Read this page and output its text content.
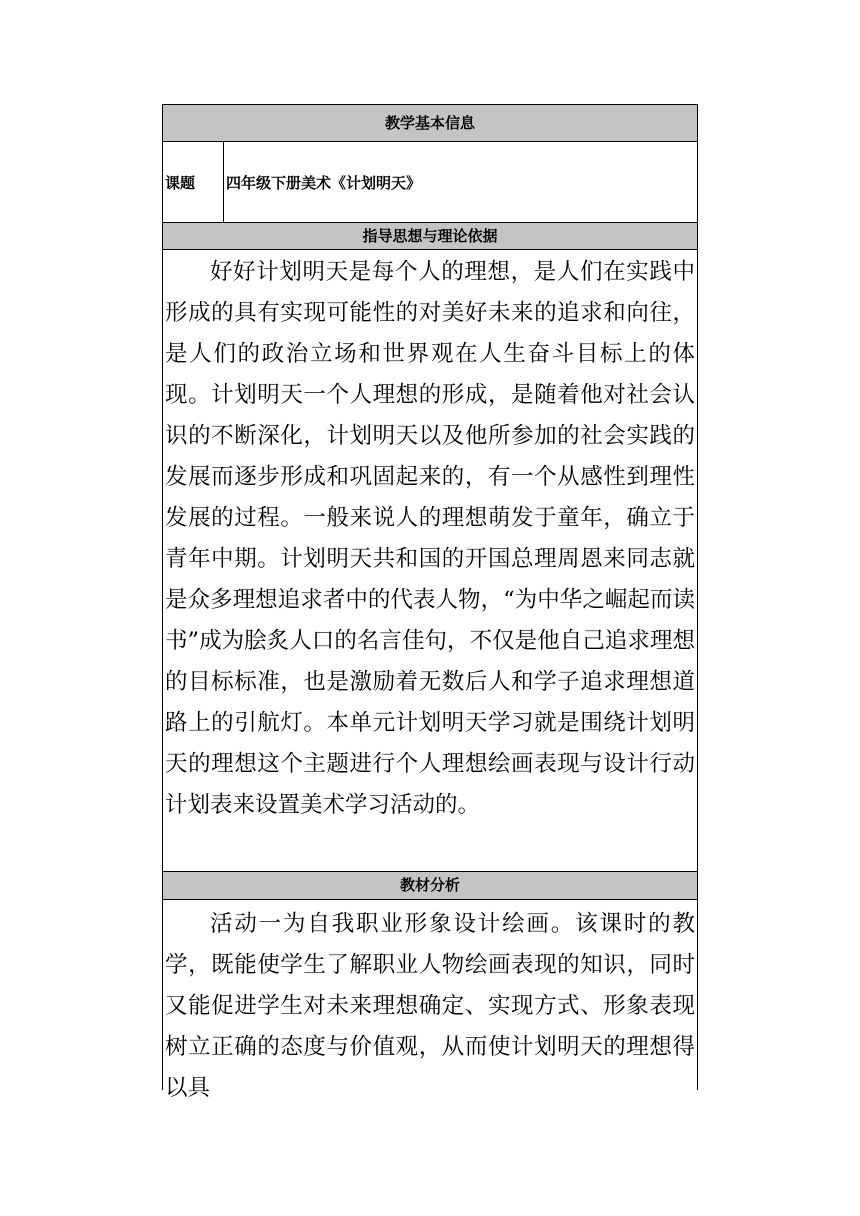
教学基本信息
课题	四年级下册美术《计划明天》
指导思想与理论依据

好好计划明天是每个人的理想，是人们在实践中形成的具有实现可能性的对美好未来的追求和向往，是人们的政治立场和世界观在人生奋斗目标上的体现。计划明天一个人理想的形成，是随着他对社会认识的不断深化，计划明天以及他所参加的社会实践的发展而逐步形成和巩固起来的，有一个从感性到理性发展的过程。一般来说人的理想萌发于童年，确立于青年中期。计划明天共和国的开国总理周恩来同志就是众多理想追求者中的代表人物，“为中华之崛起而读书”成为脍炙人口的名言佳句，不仅是他自己追求理想的目标标准，也是激励着无数后人和学子追求理想道路上的引航灯。本单元计划明天学习就是围绕计划明天的理想这个主题进行个人理想绘画表现与设计行动计划表来设置美术学习活动的。

教材分析

活动一为自我职业形象设计绘画。该课时的教学，既能使学生了解职业人物绘画表现的知识，同时又能促进学生对未来理想确定、实现方式、形象表现树立正确的态度与价值观，从而使计划明天的理想得以具
